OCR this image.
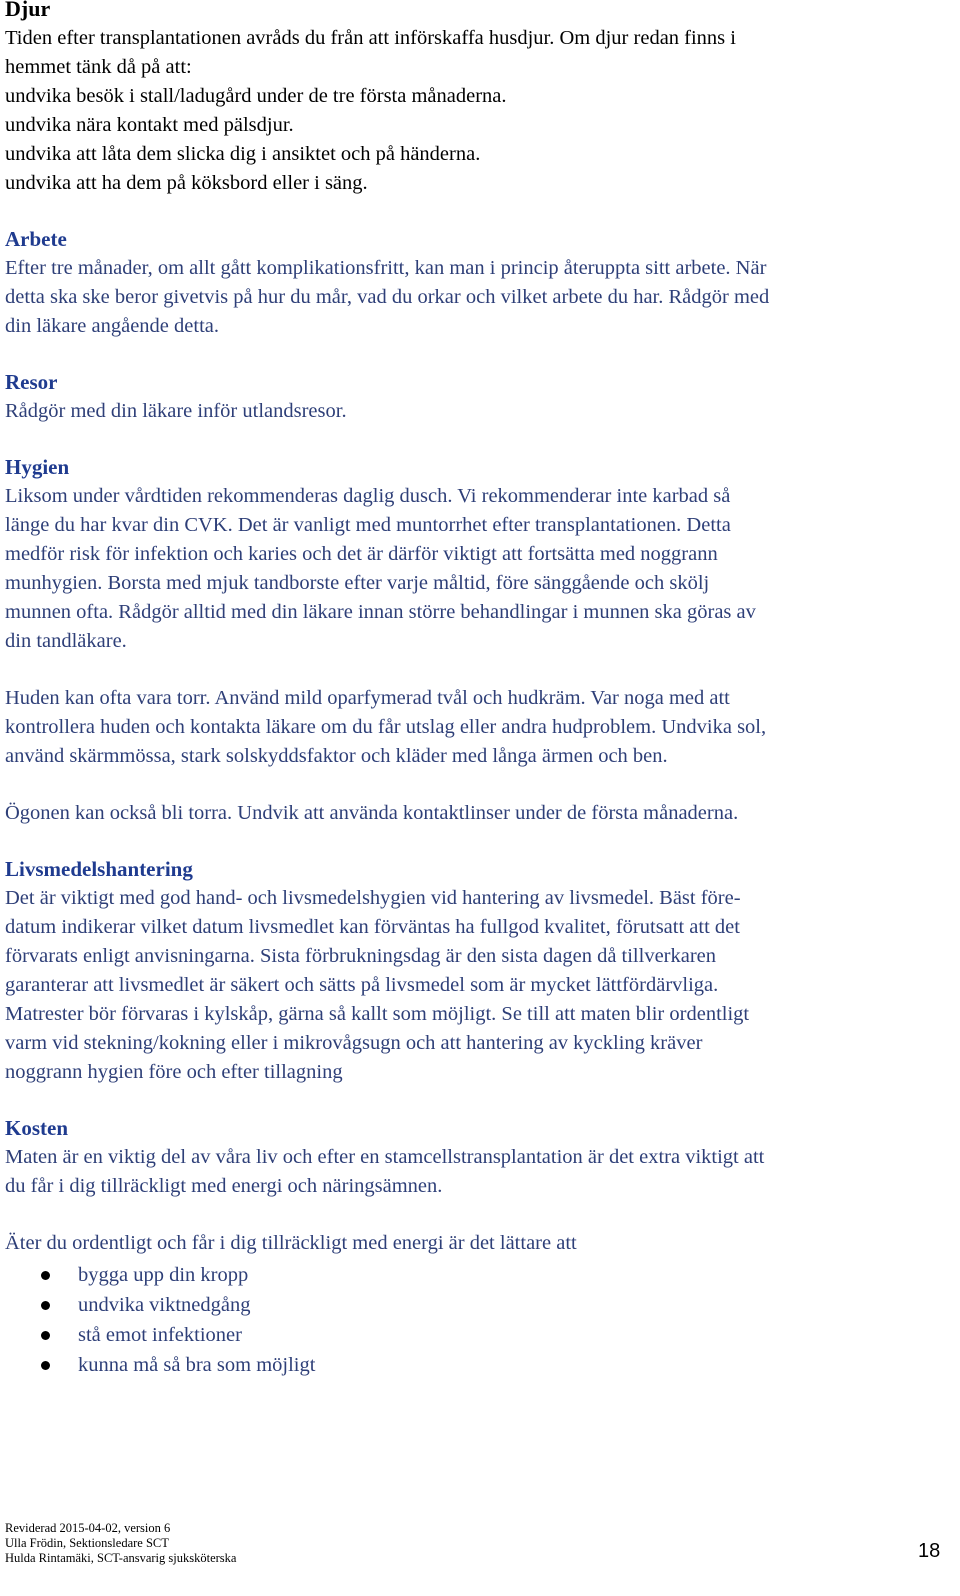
Djur
Tiden efter transplantationen avråds du från att införskaffa husdjur. Om djur redan finns i
hemmet tänk då på att:
undvika besök i stall/ladugård under de tre första månaderna.
undvika nära kontakt med pälsdjur.
undvika att låta dem slicka dig i ansiktet och på händerna.
undvika att ha dem på köksbord eller i säng.
Arbete
Efter tre månader, om allt gått komplikationsfritt, kan man i princip återuppta sitt arbete. När
detta ska ske beror givetvis på hur du mår, vad du orkar och vilket arbete du har. Rådgör med
din läkare angående detta.
Resor
Rådgör med din läkare inför utlandsresor.
Hygien
Liksom under vårdtiden rekommenderas daglig dusch. Vi rekommenderar inte karbad så
länge du har kvar din CVK. Det är vanligt med muntorrhet efter transplantationen. Detta
medför risk för infektion och karies och det är därför viktigt att fortsätta med noggrann
munhygien. Borsta med mjuk tandborste efter varje måltid, före sänggående och skölj
munnen ofta. Rådgör alltid med din läkare innan större behandlingar i munnen ska göras av
din tandläkare.
Huden kan ofta vara torr. Använd mild oparfymerad tvål och hudkräm. Var noga med att
kontrollera huden och kontakta läkare om du får utslag eller andra hudproblem. Undvika sol,
använd skärmmössa, stark solskyddsfaktor och kläder med långa ärmen och ben.
Ögonen kan också bli torra. Undvik att använda kontaktlinser under de första månaderna.
Livsmedelshantering
Det är viktigt med god hand- och livsmedelshygien vid hantering av livsmedel. Bäst före-
datum indikerar vilket datum livsmedlet kan förväntas ha fullgod kvalitet, förutsatt att det
förvarats enligt anvisningarna. Sista förbrukningsdag är den sista dagen då tillverkaren
garanterar att livsmedlet är säkert och sätts på livsmedel som är mycket lättfördärvliga.
Matrester bör förvaras i kylskåp, gärna så kallt som möjligt. Se till att maten blir ordentligt
varm vid stekning/kokning eller i mikrovågsugn och att hantering av kyckling kräver
noggrann hygien före och efter tillagning
Kosten
Maten är en viktig del av våra liv och efter en stamcellstransplantation är det extra viktigt att
du får i dig tillräckligt med energi och näringsämnen.
Äter du ordentligt och får i dig tillräckligt med energi är det lättare att
bygga upp din kropp
undvika viktnedgång
stå emot infektioner
kunna må så bra som möjligt
Reviderad 2015-04-02, version 6
Ulla Frödin, Sektionsledare SCT
Hulda Rintamäki, SCT-ansvarig sjuksköterska	18
